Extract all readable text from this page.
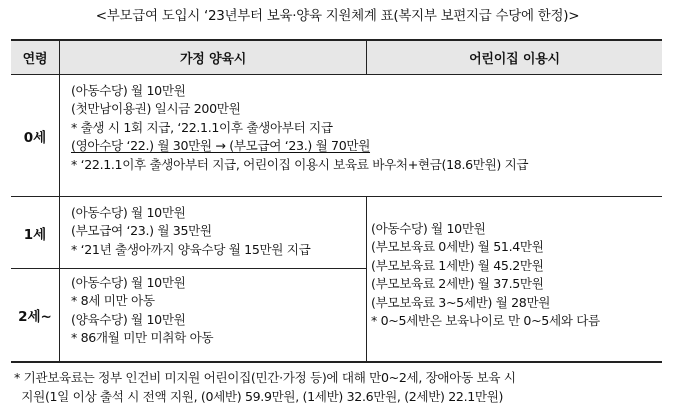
<부모급여 도입시 ‘23년부터 보육·양육 지원체계 표(복지부 보편지급 수당에 한정)>
연령	가정 양육시	어린이집 이용시
0세
1세
2세~
(아동수당) 월 10만원
(첫만남이용권) 일시금 200만원
* 출생 시 1회 지급, ‘22.1.1이후 출생아부터 지급
(영아수당 ‘22.) 월 30만원 → (부모급여 ‘23.) 월 70만원
* ‘22.1.1이후 출생아부터 지급, 어린이집 이용시 보육료 바우처+현금(18.6만원) 지급
(아동수당) 월 10만원
(부모급여 ‘23.) 월 35만원
* ‘21년 출생아까지 양육수당 월 15만원 지급
(아동수당) 월 10만원
* 8세 미만 아동
(양육수당) 월 10만원
* 86개월 미만 미취학 아동
(아동수당) 월 10만원
(부모보육료 0세반) 월 51.4만원
(부모보육료 1세반) 월 45.2만원
(부모보육료 2세반) 월 37.5만원
(부모보육료 3~5세반) 월 28만원
* 0~5세반은 보육나이로 만 0~5세와 다름
* 기관보육료는 정부 인건비 미지원 어린이집(민간·가정 등)에 대해 만0~2세, 장애아동 보육 시
지원(1일 이상 출석 시 전액 지원, (0세반) 59.9만원, (1세반) 32.6만원, (2세반) 22.1만원)
